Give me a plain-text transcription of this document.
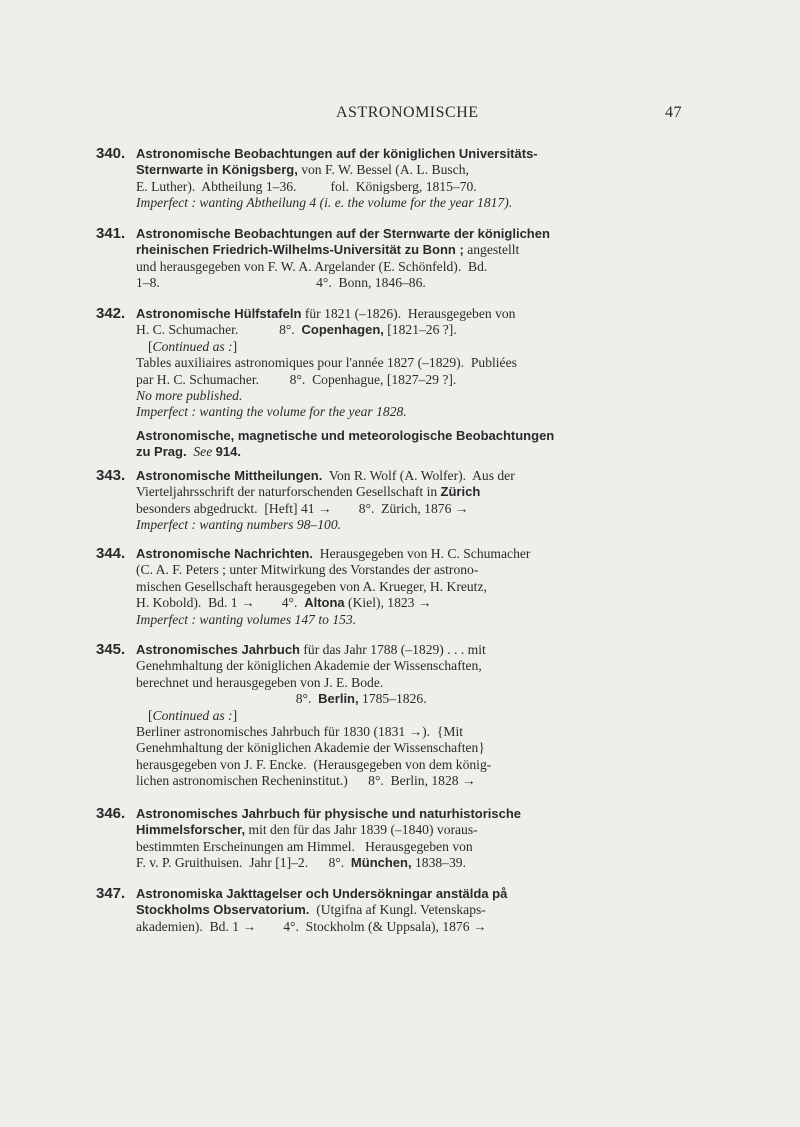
ASTRONOMISCHE	47
340. Astronomische Beobachtungen auf der königlichen Universitäts-
Sternwarte in Königsberg, von F. W. Bessel (A. L. Busch,
E. Luther).  Abtheilung 1–36.          fol.  Königsberg, 1815–70.
Imperfect : wanting Abtheilung 4 (i. e. the volume for the year 1817).
341. Astronomische Beobachtungen auf der Sternwarte der königlichen
rheinischen Friedrich-Wilhelms-Universität zu Bonn ; angestellt
und herausgegeben von F. W. A. Argelander (E. Schönfeld).  Bd.
1–8.                                              4°.  Bonn, 1846–86.
342. Astronomische Hülfstafeln für 1821 (–1826).  Herausgegeben von
H. C. Schumacher.            8°.  Copenhagen, [1821–26 ?].
[Continued as :]
Tables auxiliaires astronomiques pour l'année 1827 (–1829).  Publiées
par H. C. Schumacher.         8°.  Copenhague, [1827–29 ?].
No more published.
Imperfect : wanting the volume for the year 1828.
Astronomische, magnetische und meteorologische Beobachtungen
zu Prag. See 914.
343. Astronomische Mittheilungen.  Von R. Wolf (A. Wolfer).  Aus der
Vierteljahrsschrift der naturforschenden Gesellschaft in Zürich
besonders abgedruckt.  [Heft] 41 →        8°.  Zürich, 1876 →
Imperfect : wanting numbers 98–100.
344. Astronomische Nachrichten.  Herausgegeben von H. C. Schumacher
(C. A. F. Peters ; unter Mitwirkung des Vorstandes der astrono-
mischen Gesellschaft herausgegeben von A. Krueger, H. Kreutz,
H. Kobold).  Bd. 1 →        4°.  Altona (Kiel), 1823 →
Imperfect : wanting volumes 147 to 153.
345. Astronomisches Jahrbuch für das Jahr 1788 (–1829) . . . mit
Genehmhaltung der königlichen Akademie der Wissenschaften,
berechnet und herausgegeben von J. E. Bode.
8°.  Berlin, 1785–1826.
[Continued as :]
Berliner astronomisches Jahrbuch für 1830 (1831 →).  {Mit
Genehmhaltung der königlichen Akademie der Wissenschaften}
herausgegeben von J. F. Encke.  (Herausgegeben von dem könig-
lichen astronomischen Recheninstitut.)      8°.  Berlin, 1828 →
346. Astronomisches Jahrbuch für physische und naturhistorische
Himmelsforscher, mit den für das Jahr 1839 (–1840) voraus-
bestimmten Erscheinungen am Himmel.   Herausgegeben von
F. v. P. Gruithuisen.  Jahr [1]–2.      8°.  München, 1838–39.
347. Astronomiska Jakttagelser och Undersökningar anstälda på
Stockholms Observatorium.  (Utgifna af Kungl. Vetenskaps-
akademien).  Bd. 1 →        4°.  Stockholm (& Uppsala), 1876 →
